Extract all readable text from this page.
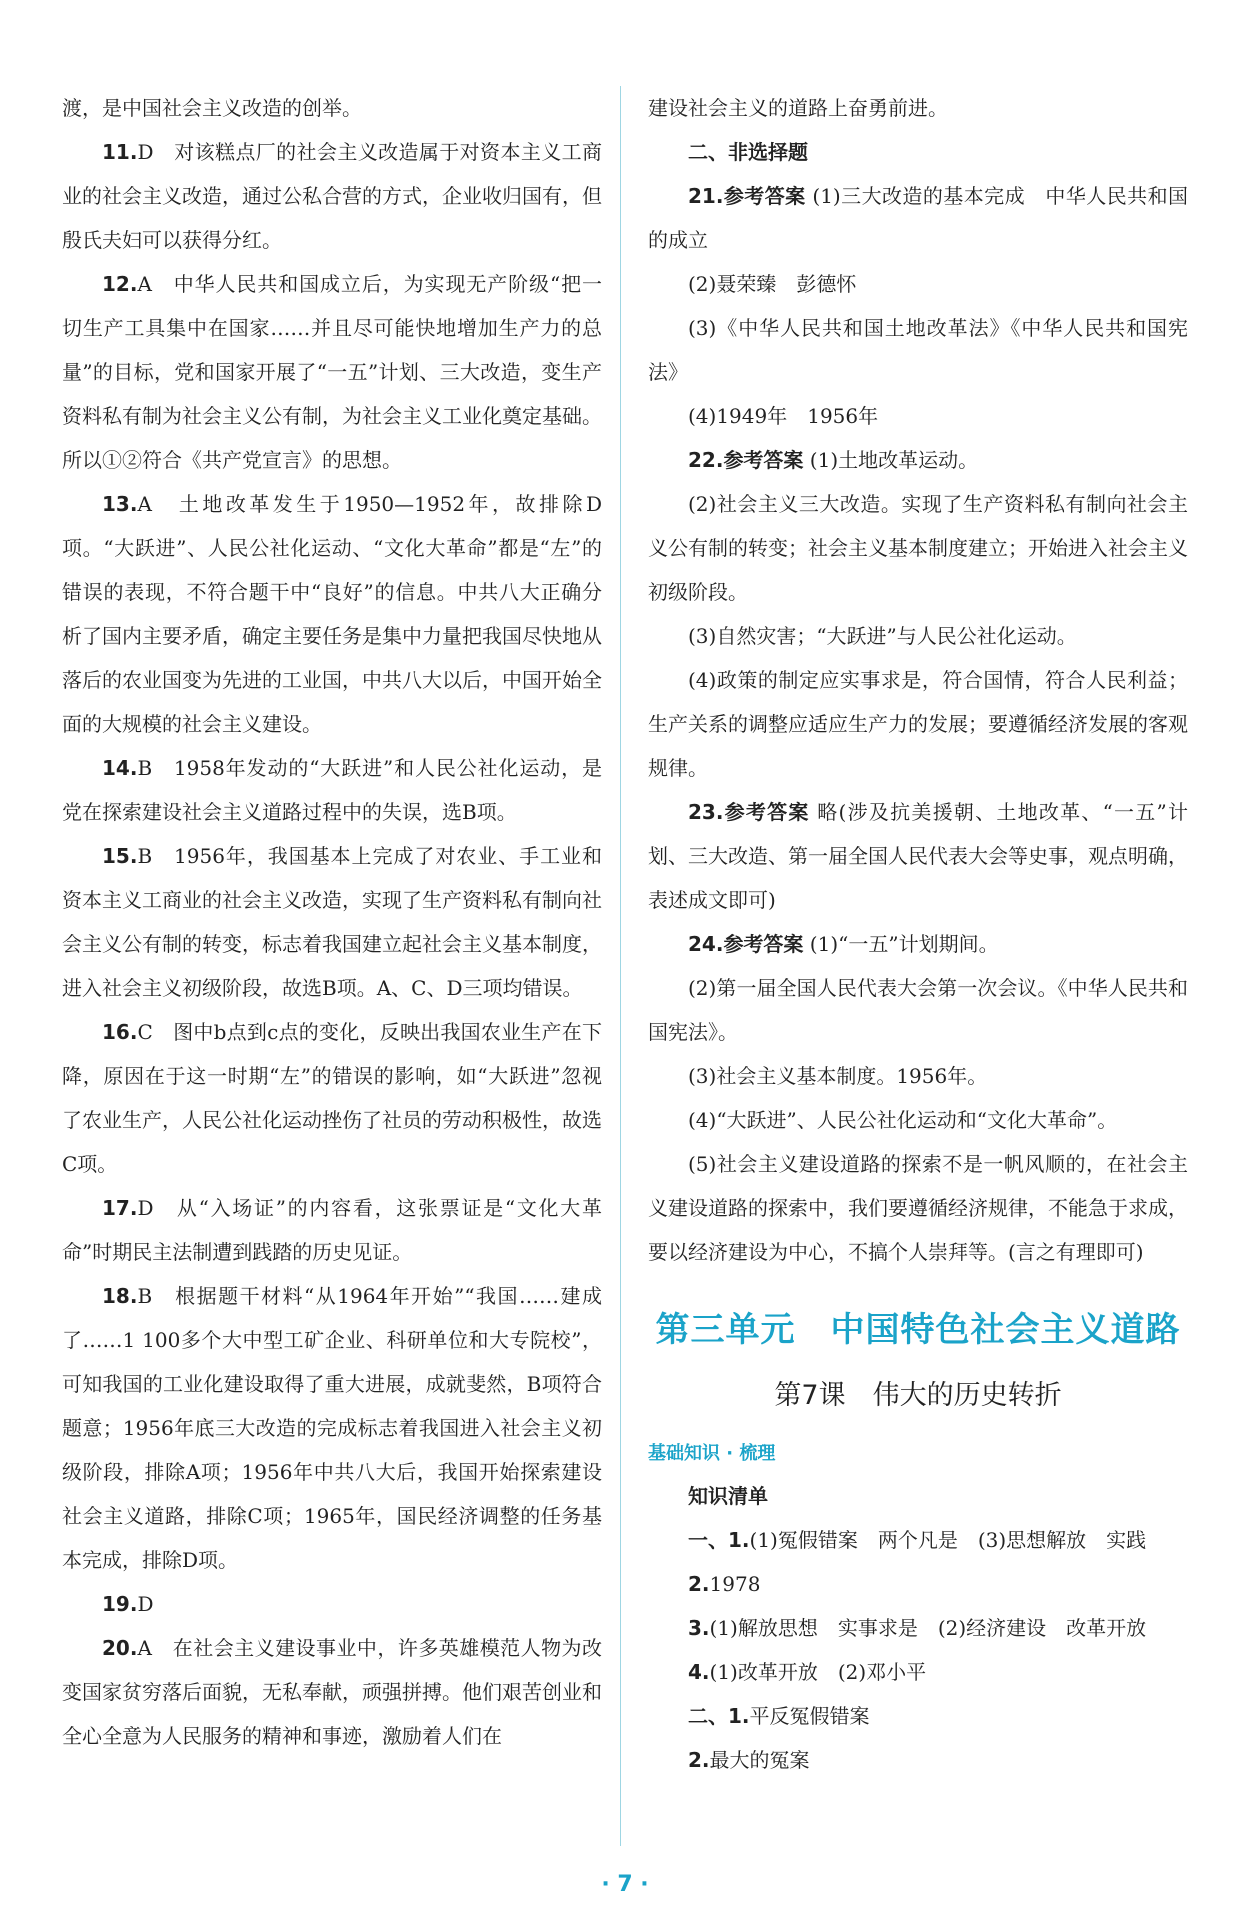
渡，是中国社会主义改造的创举。

11.D　对该糕点厂的社会主义改造属于对资本主义工商业的社会主义改造，通过公私合营的方式，企业收归国有，但殷氏夫妇可以获得分红。

12.A　中华人民共和国成立后，为实现无产阶级“把一切生产工具集中在国家……并且尽可能快地增加生产力的总量”的目标，党和国家开展了“一五”计划、三大改造，变生产资料私有制为社会主义公有制，为社会主义工业化奠定基础。所以①②符合《共产党宣言》的思想。

13.A　土地改革发生于1950—1952年，故排除D项。“大跃进”、人民公社化运动、“文化大革命”都是“左”的错误的表现，不符合题干中“良好”的信息。中共八大正确分析了国内主要矛盾，确定主要任务是集中力量把我国尽快地从落后的农业国变为先进的工业国，中共八大以后，中国开始全面的大规模的社会主义建设。

14.B　1958年发动的“大跃进”和人民公社化运动，是党在探索建设社会主义道路过程中的失误，选B项。

15.B　1956年，我国基本上完成了对农业、手工业和资本主义工商业的社会主义改造，实现了生产资料私有制向社会主义公有制的转变，标志着我国建立起社会主义基本制度，进入社会主义初级阶段，故选B项。A、C、D三项均错误。

16.C　图中b点到c点的变化，反映出我国农业生产在下降，原因在于这一时期“左”的错误的影响，如“大跃进”忽视了农业生产，人民公社化运动挫伤了社员的劳动积极性，故选C项。

17.D　从“入场证”的内容看，这张票证是“文化大革命”时期民主法制遭到践踏的历史见证。

18.B　根据题干材料“从1964年开始”“我国……建成了……1 100多个大中型工矿企业、科研单位和大专院校”，可知我国的工业化建设取得了重大进展，成就斐然，B项符合题意；1956年底三大改造的完成标志着我国进入社会主义初级阶段，排除A项；1956年中共八大后，我国开始探索建设社会主义道路，排除C项；1965年，国民经济调整的任务基本完成，排除D项。

19.D

20.A　在社会主义建设事业中，许多英雄模范人物为改变国家贫穷落后面貌，无私奉献，顽强拼搏。他们艰苦创业和全心全意为人民服务的精神和事迹，激励着人们在

建设社会主义的道路上奋勇前进。

二、非选择题

21.参考答案 (1)三大改造的基本完成　中华人民共和国的成立

(2)聂荣臻　彭德怀

(3)《中华人民共和国土地改革法》《中华人民共和国宪法》

(4)1949年　1956年

22.参考答案 (1)土地改革运动。

(2)社会主义三大改造。实现了生产资料私有制向社会主义公有制的转变；社会主义基本制度建立；开始进入社会主义初级阶段。

(3)自然灾害；“大跃进”与人民公社化运动。

(4)政策的制定应实事求是，符合国情，符合人民利益；生产关系的调整应适应生产力的发展；要遵循经济发展的客观规律。

23.参考答案 略(涉及抗美援朝、土地改革、“一五”计划、三大改造、第一届全国人民代表大会等史事，观点明确，表述成文即可)

24.参考答案 (1)“一五”计划期间。

(2)第一届全国人民代表大会第一次会议。《中华人民共和国宪法》。

(3)社会主义基本制度。1956年。

(4)“大跃进”、人民公社化运动和“文化大革命”。

(5)社会主义建设道路的探索不是一帆风顺的，在社会主义建设道路的探索中，我们要遵循经济规律，不能急于求成，要以经济建设为中心，不搞个人崇拜等。(言之有理即可)

第三单元　中国特色社会主义道路
第7课　伟大的历史转折

基础知识 · 梳理

知识清单

一、1.(1)冤假错案　两个凡是　(3)思想解放　实践

2.1978

3.(1)解放思想　实事求是　(2)经济建设　改革开放

4.(1)改革开放　(2)邓小平

二、1.平反冤假错案

2.最大的冤案

· 7 ·
